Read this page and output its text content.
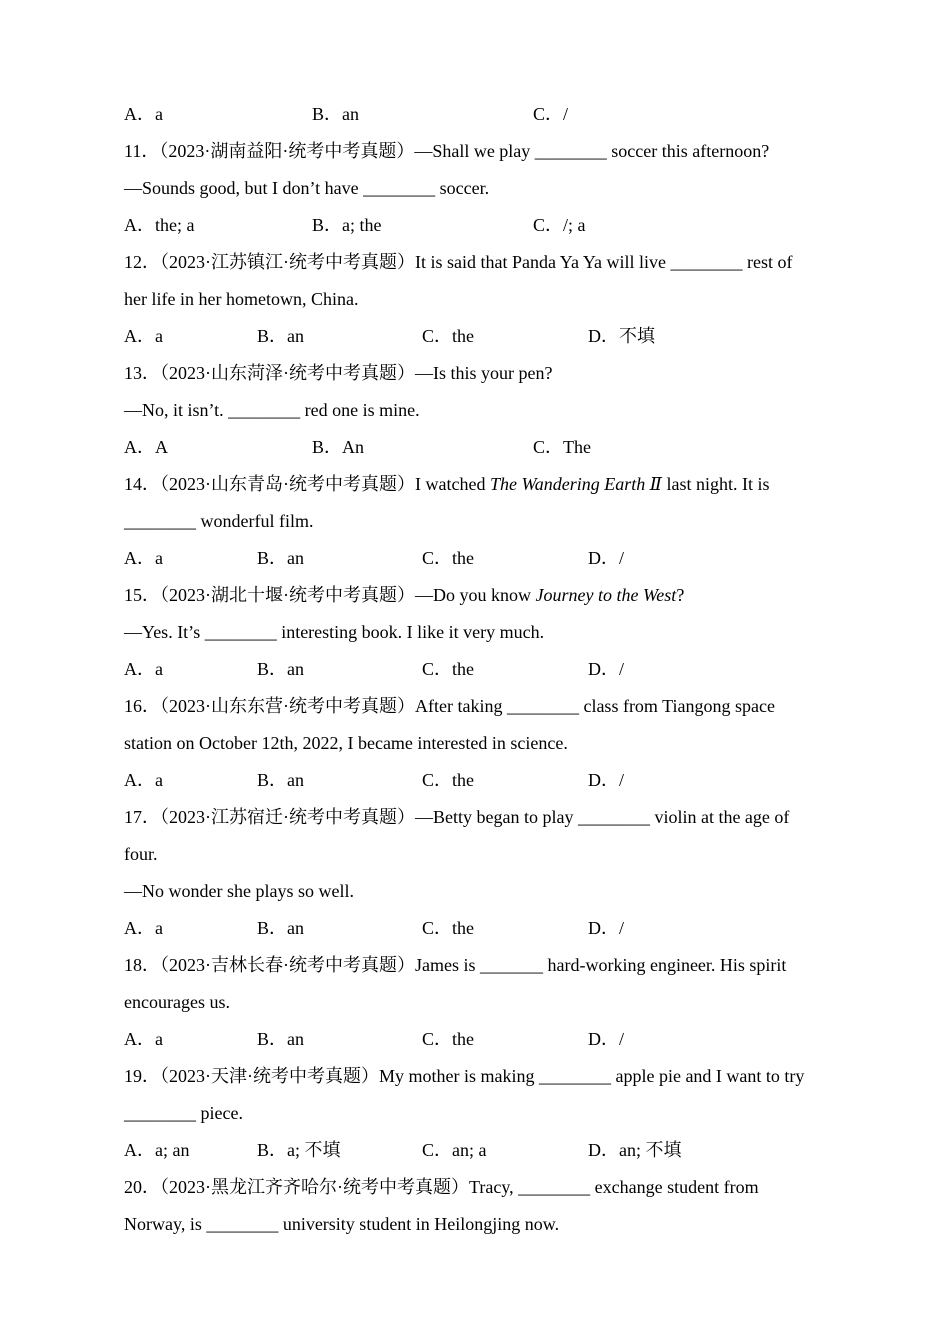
A．a	B．an	C．/
11．（2023·湖南益阳·统考中考真题）—Shall we play ________ soccer this afternoon?
—Sounds good, but I don’t have ________ soccer.
A．the; a	B．a; the	C．/; a
12．（2023·江苏镇江·统考中考真题）It is said that Panda Ya Ya will live ________ rest of
her life in her hometown, China.
A．a	B．an	C．the	D．不填
13．（2023·山东菏泽·统考中考真题）—Is this your pen?
—No, it isn’t. ________ red one is mine.
A．A	B．An	C．The
14．（2023·山东青岛·统考中考真题）I watched The Wandering Earth Ⅱ last night. It is
________ wonderful film.
A．a	B．an	C．the	D．/
15．（2023·湖北十堰·统考中考真题）—Do you know Journey to the West?
—Yes. It’s ________ interesting book. I like it very much.
A．a	B．an	C．the	D．/
16．（2023·山东东营·统考中考真题）After taking ________ class from Tiangong space
station on October 12th, 2022, I became interested in science.
A．a	B．an	C．the	D．/
17．（2023·江苏宿迁·统考中考真题）—Betty began to play ________ violin at the age of
four.
—No wonder she plays so well.
A．a	B．an	C．the	D．/
18．（2023·吉林长春·统考中考真题）James is _______ hard-working engineer. His spirit
encourages us.
A．a	B．an	C．the	D．/
19．（2023·天津·统考中考真题）My mother is making ________ apple pie and I want to try
________ piece.
A．a; an	B．a; 不填	C．an; a	D．an; 不填
20．（2023·黑龙江齐齐哈尔·统考中考真题）Tracy, ________ exchange student from
Norway, is ________ university student in Heilongjing now.
